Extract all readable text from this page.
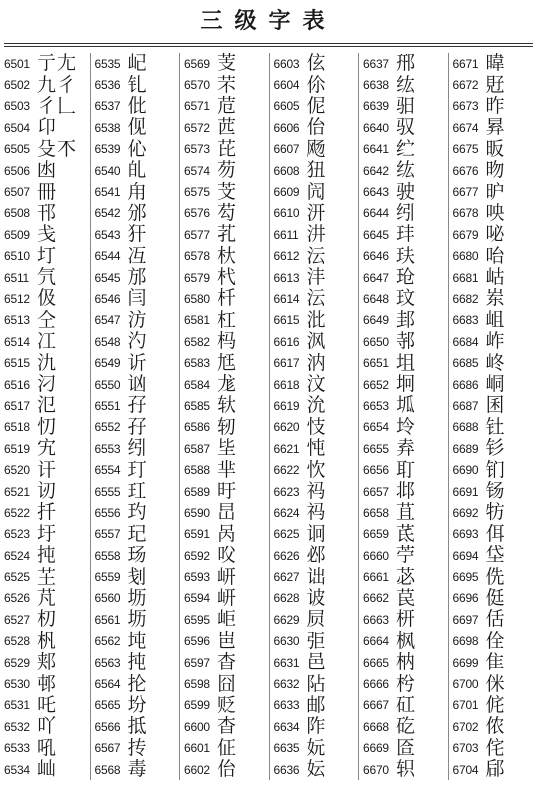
三级字表
6501 亍尢
6502 九彳
6503 彳𠃊
6504 卬
6505 殳𣎴
6506 凼
6507 冊
6508 邗
6509 戋
6510 圢
6511 氕
6512 伋
6513 仝
6514 冮
6515 氿
6516 汈
6517 氾
6518 忉
6519 宄
6520 讦
6521 讱
6522 扦
6523 圩
6524 扽
6525 芏
6526 芃
6527 朷
6528 杋
6529 郏
6530 邨
6531 吒
6532 吖
6533 吼
6534 屾
6535 屺
6536 钆
6537 仳
6538 伣
6539 伈
6540 癿
6541 甪
6542 邠
6543 犴
6544 冱
6545 邡
6546 闫
6547 汸
6548 汋
6549 䜣
6550 讻
6551 孖
6552 孖
6553 纼
6554 玎
6555 玒
6556 玓
6557 玘
6558 玚
6559 刬
6560 坜
6561 坜
6562 坉
6563 扽
6564 抡
6565 坋
6566 抵
6567 抟
6568 毒
6569 芰
6570 芣
6571 苊
6572 苉
6573 芘
6574 芴
6575 芠
6576 芶
6577 芤
6578 杕
6579 杙
6580 杄
6581 杠
6582 杩
6583 尪
6584 尨
6585 轪
6586 轫
6587 坒
6588 芈
6589 旴
6590 旵
6591 呙
6592 㕮
6593 岍
6594 岍
6595 岠
6596 岜
6597 杳
6598 囧
6599 贬
6600 杳
6601 佂
6602 佁
6603 伭
6604 伱
6605 伲
6606 佁
6607 飏
6608 狃
6609 闶
6610 汧
6611 汫
6612 沄
6613 沣
6614 沄
6615 沘
6616 沨
6617 汭
6618 汶
6619 沇
6620 忮
6621 忳
6622 忺
6623 祃
6624 祃
6625 诇
6626 邲
6627 诎
6628 诐
6629 屃
6630 弡
6631 邑
6632 阽
6633 邮
6634 阼
6635 妧
6636 妘
6637 郉
6638 纮
6639 驲
6640 驭
6641 纻
6642 纮
6643 驶
6644 纼
6645 玤
6646 玞
6647 玱
6648 玟
6649 邽
6650 邿
6651 坥
6652 坰
6653 坬
6654 坽
6655 弆
6656 耵
6657 邶
6658 苴
6659 茋
6660 苧
6661 苾
6662 苠
6663 枅
6664 枫
6665 枘
6666 枍
6667 矼
6668 矻
6669 匼
6670 轵
6671 暐
6672 覎
6673 昨
6674 昪
6675 昄
6676 昒
6677 昈
6678 咉
6679 咇
6680 咍
6681 岵
6682 岽
6683 岨
6684 岞
6685 峂
6686 峒
6687 囷
6688 钍
6689 钐
6690 钔
6691 钖
6692 牥
6693 佴
6694 垈
6695 侁
6696 侹
6697 佸
6698 佺
6699 隹
6700 侎
6701 侂
6702 侬
6703 侘
6704 郈
